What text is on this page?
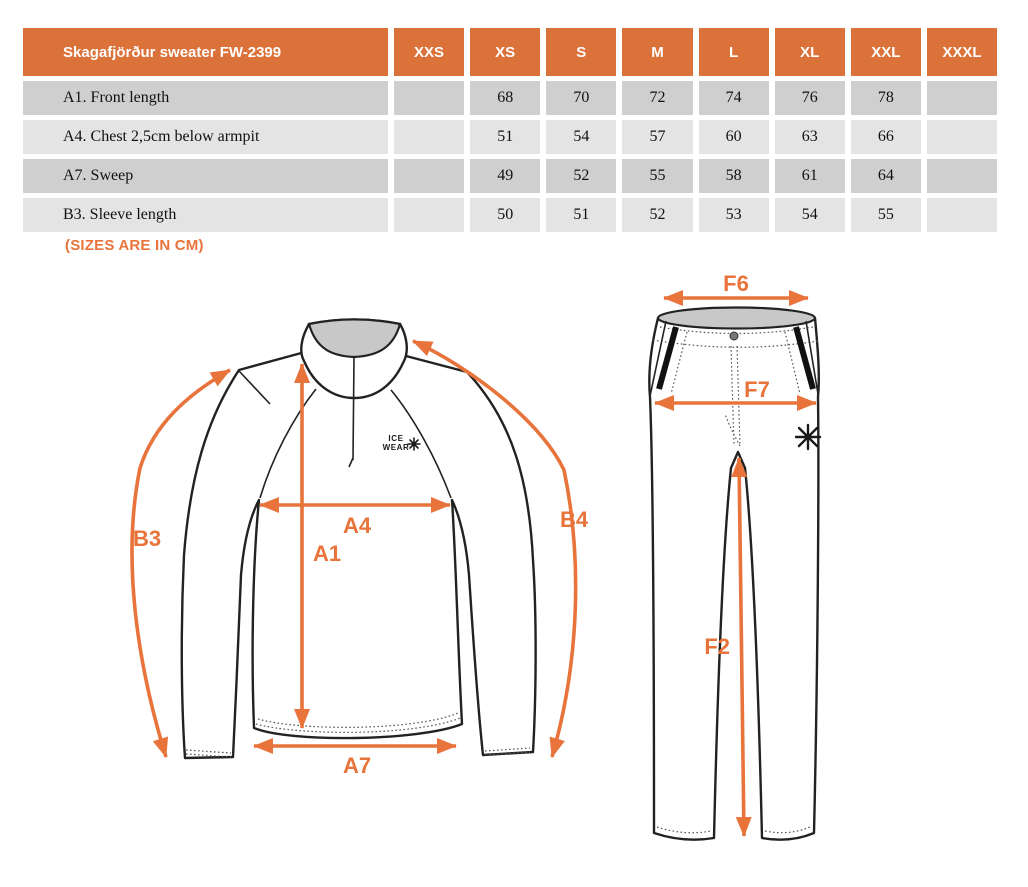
Skagafjörður sweater FW-2399	XXS	XS	S	M	L	XL	XXL	XXXL
A1. Front length		68	70	72	74	76	78	
A4. Chest 2,5cm below armpit		51	54	57	60	63	66	
A7. Sweep		49	52	55	58	61	64	
B3. Sleeve length		50	51	52	53	54	55	
(SIZES ARE IN CM)
ICE
WEAR
A4
A1
A7
B3
B4
F6
F7
F2
